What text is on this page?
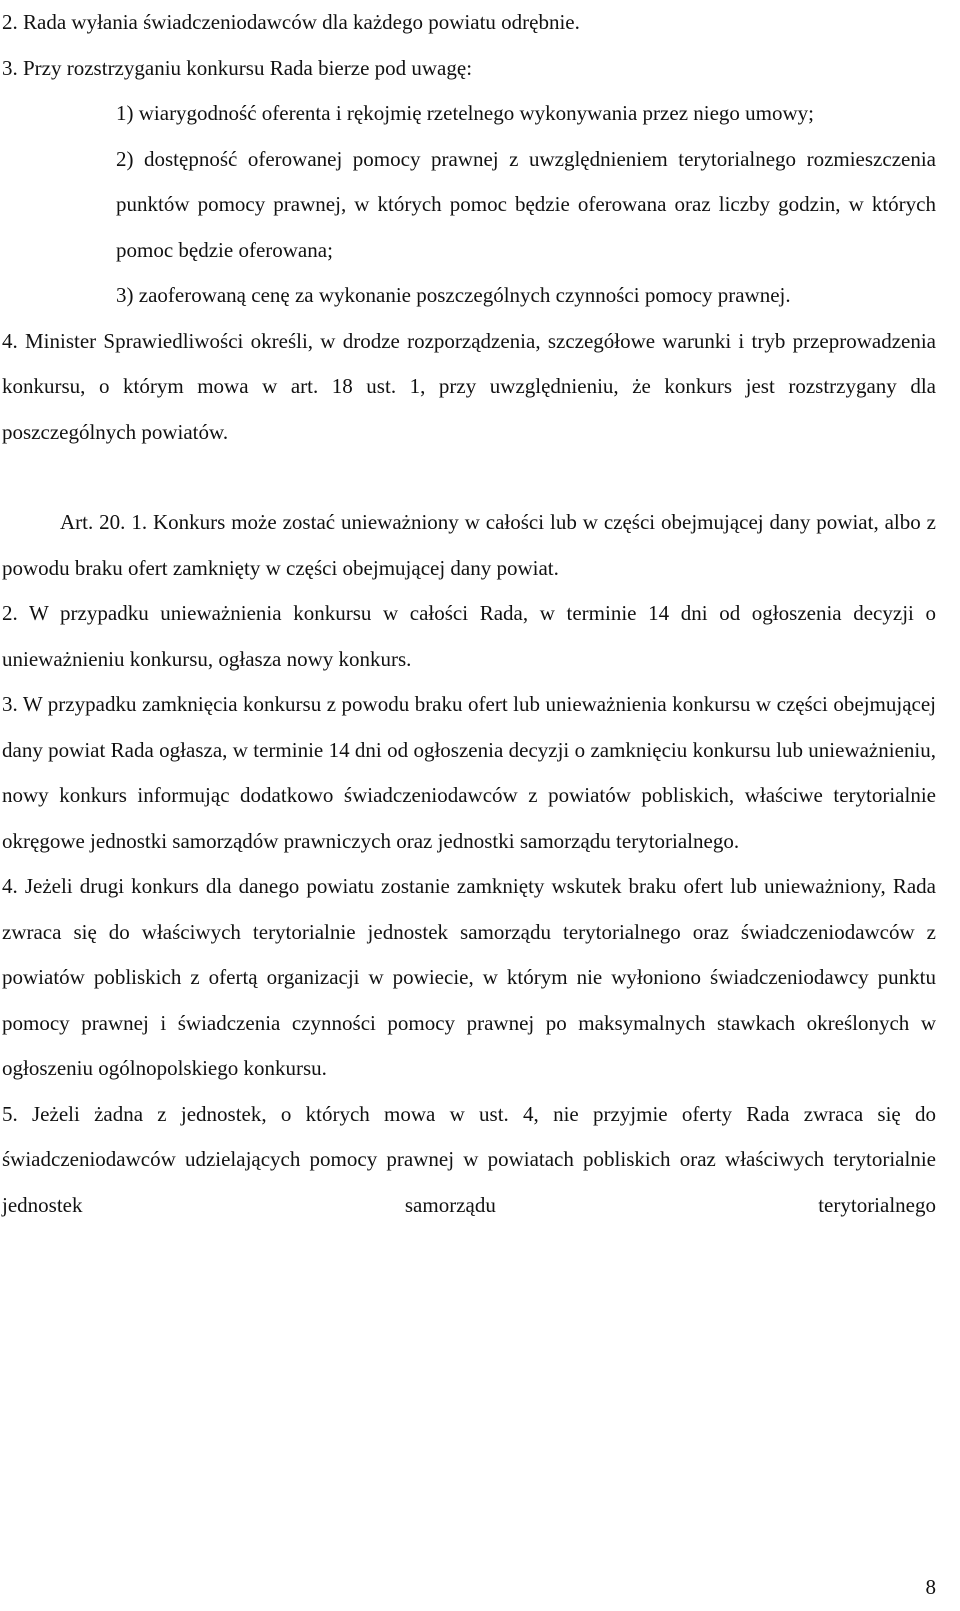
2. Rada wyłania świadczeniodawców dla każdego powiatu odrębnie.

3. Przy rozstrzyganiu konkursu Rada bierze pod uwagę:

1) wiarygodność oferenta i rękojmię rzetelnego wykonywania przez niego umowy;

2) dostępność oferowanej pomocy prawnej z uwzględnieniem terytorialnego rozmieszczenia punktów pomocy prawnej, w których pomoc będzie oferowana oraz liczby godzin, w których pomoc będzie oferowana;

3) zaoferowaną cenę za wykonanie poszczególnych czynności pomocy prawnej.

4. Minister Sprawiedliwości określi, w drodze rozporządzenia, szczegółowe warunki i tryb przeprowadzenia konkursu, o którym mowa w art. 18 ust. 1, przy uwzględnieniu, że konkurs jest rozstrzygany dla poszczególnych powiatów.

Art. 20. 1. Konkurs może zostać unieważniony w całości lub w części obejmującej dany powiat, albo z powodu braku ofert zamknięty w części obejmującej dany powiat.

2. W przypadku unieważnienia konkursu w całości Rada, w terminie 14 dni od ogłoszenia decyzji o unieważnieniu konkursu, ogłasza nowy konkurs.

3. W przypadku zamknięcia konkursu z powodu braku ofert lub unieważnienia konkursu w części obejmującej dany powiat Rada ogłasza, w terminie 14 dni od ogłoszenia decyzji o zamknięciu konkursu lub unieważnieniu, nowy konkurs informując dodatkowo świadczeniodawców z powiatów pobliskich, właściwe terytorialnie okręgowe jednostki samorządów prawniczych oraz jednostki samorządu terytorialnego.

4. Jeżeli drugi konkurs dla danego powiatu zostanie zamknięty wskutek braku ofert lub unieważniony, Rada zwraca się do właściwych terytorialnie jednostek samorządu terytorialnego oraz świadczeniodawców z powiatów pobliskich z ofertą organizacji w powiecie, w którym nie wyłoniono świadczeniodawcy punktu pomocy prawnej i świadczenia czynności pomocy prawnej po maksymalnych stawkach określonych w ogłoszeniu ogólnopolskiego konkursu.

5. Jeżeli żadna z jednostek, o których mowa w ust. 4, nie przyjmie oferty Rada zwraca się do świadczeniodawców udzielających pomocy prawnej w powiatach pobliskich oraz właściwych terytorialnie jednostek samorządu terytorialnego

8
